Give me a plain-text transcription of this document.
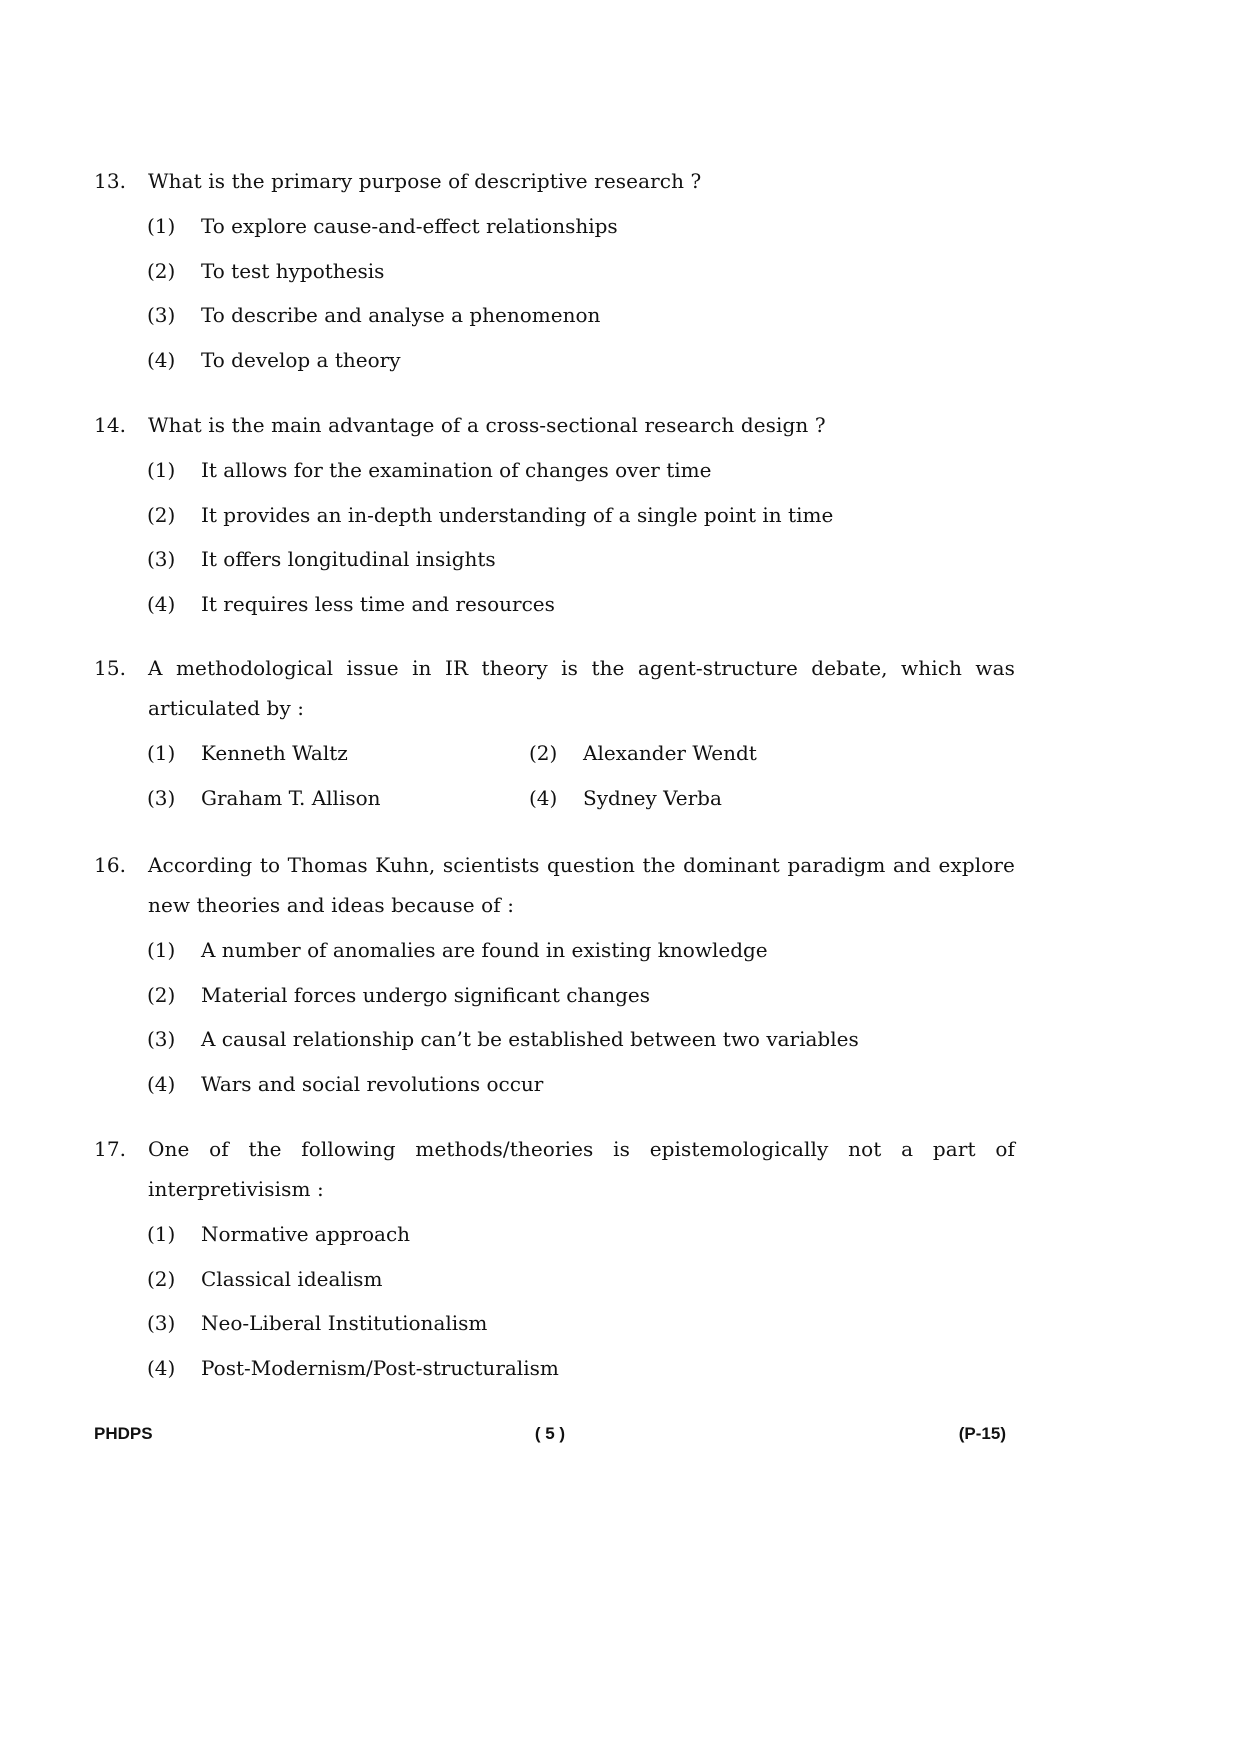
13.	What is the primary purpose of descriptive research ?
(1)	To explore cause-and-effect relationships
(2)	To test hypothesis
(3)	To describe and analyse a phenomenon
(4)	To develop a theory
14.	What is the main advantage of a cross-sectional research design ?
(1)	It allows for the examination of changes over time
(2)	It provides an in-depth understanding of a single point in time
(3)	It offers longitudinal insights
(4)	It requires less time and resources
15.	A methodological issue in IR theory is the agent-structure debate, which was articulated by :
(1)	Kenneth Waltz	(2)	Alexander Wendt
(3)	Graham T. Allison	(4)	Sydney Verba
16.	According to Thomas Kuhn, scientists question the dominant paradigm and explore new theories and ideas because of :
(1)	A number of anomalies are found in existing knowledge
(2)	Material forces undergo significant changes
(3)	A causal relationship can’t be established between two variables
(4)	Wars and social revolutions occur
17.	One of the following methods/theories is epistemologically not a part of interpretivisism :
(1)	Normative approach
(2)	Classical idealism
(3)	Neo-Liberal Institutionalism
(4)	Post-Modernism/Post-structuralism
PHDPS	( 5 )	(P-15)
